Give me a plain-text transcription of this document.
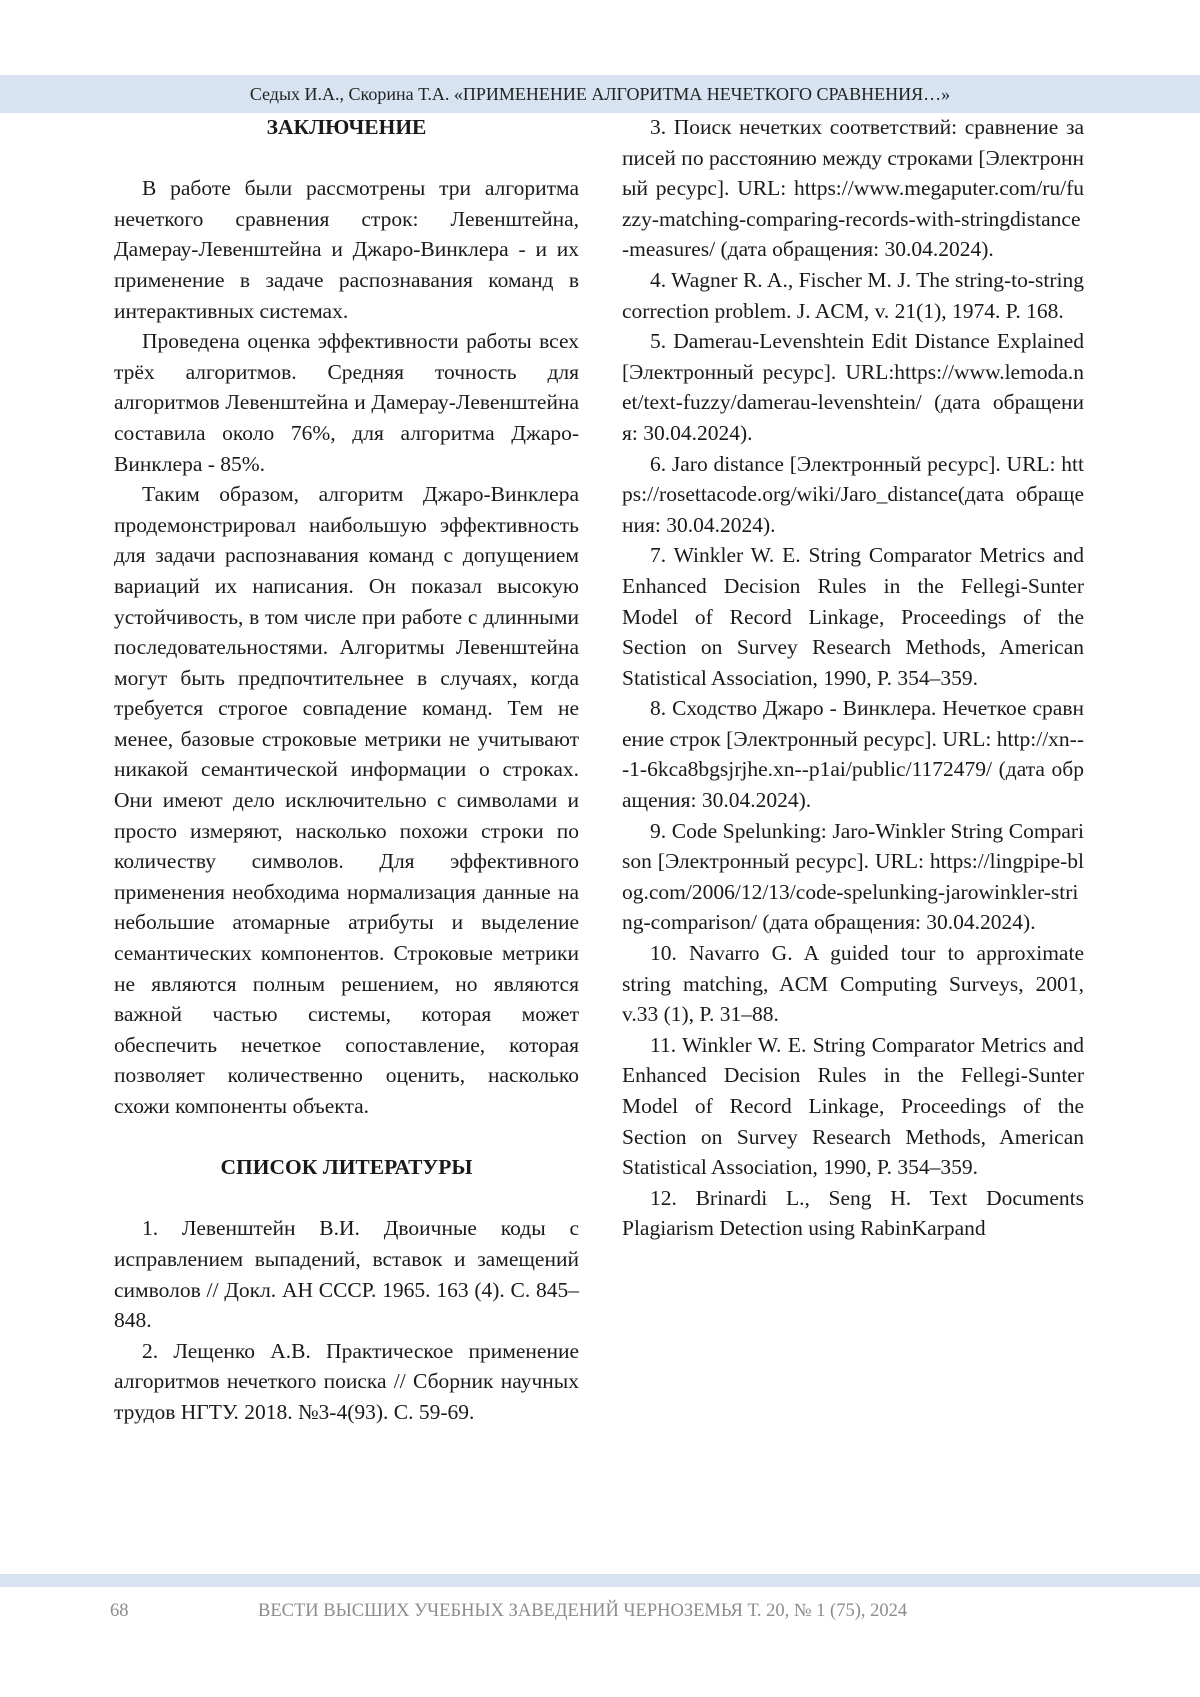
Седых И.А., Скорина Т.А. «ПРИМЕНЕНИЕ АЛГОРИТМА НЕЧЕТКОГО СРАВНЕНИЯ…»
ЗАКЛЮЧЕНИЕ

В работе были рассмотрены три алгоритма нечеткого сравнения строк: Левенштейна, Дамерау-Левенштейна и Джаро-Винклера - и их применение в задаче распознавания команд в интерактивных системах.

Проведена оценка эффективности работы всех трёх алгоритмов. Средняя точность для алгоритмов Левенштейна и Дамерау-Левенштейна составила около 76%, для алгоритма Джаро-Винклера - 85%.

Таким образом, алгоритм Джаро-Винклера продемонстрировал наибольшую эффективность для задачи распознавания команд с допущением вариаций их написания. Он показал высокую устойчивость, в том числе при работе с длинными последовательностями. Алгоритмы Левенштейна могут быть предпочтительнее в случаях, когда требуется строгое совпадение команд. Тем не менее, базовые строковые метрики не учитывают никакой семантической информации о строках. Они имеют дело исключительно с символами и просто измеряют, насколько похожи строки по количеству символов. Для эффективного применения необходима нормализация данные на небольшие атомарные атрибуты и выделение семантических компонентов. Строковые метрики не являются полным решением, но являются важной частью системы, которая может обеспечить нечеткое сопоставление, которая позволяет количественно оценить, насколько схожи компоненты объекта.

СПИСОК ЛИТЕРАТУРЫ

1. Левенштейн В.И. Двоичные коды с исправлением выпадений, вставок и замещений символов // Докл. АН СССР. 1965. 163 (4). С. 845–848.

2. Лещенко А.В. Практическое применение алгоритмов нечеткого поиска // Сборник научных трудов НГТУ. 2018. №3-4(93). С. 59-69.

3. Поиск нечетких соответствий: сравнение записей по расстоянию между строками [Электронный ресурс]. URL: https://www.megaputer.com/ru/fuzzy-matching-comparing-records-with-stringdistance-measures/ (дата обращения: 30.04.2024).

4. Wagner R. A., Fischer M. J. The string-to-string correction problem. J. ACM, v. 21(1), 1974. P. 168.

5. Damerau-Levenshtein Edit Distance Explained [Электронный ресурс]. URL:https://www.lemoda.net/text-fuzzy/damerau-levenshtein/ (дата обращения: 30.04.2024).

6. Jaro distance [Электронный ресурс]. URL: https://rosettacode.org/wiki/Jaro_distance(дата обращения: 30.04.2024).

7. Winkler W. E. String Comparator Metrics and Enhanced Decision Rules in the Fellegi-Sunter Model of Record Linkage, Proceedings of the Section on Survey Research Methods, American Statistical Association, 1990, P. 354–359.

8. Сходство Джаро - Винклера. Нечеткое сравнение строк [Электронный ресурс]. URL: http://xn---1-6kca8bgsjrjhe.xn--p1ai/public/1172479/ (дата обращения: 30.04.2024).

9. Code Spelunking: Jaro-Winkler String Comparison [Электронный ресурс]. URL: https://lingpipe-blog.com/2006/12/13/code-spelunking-jarowinkler-string-comparison/ (дата обращения: 30.04.2024).

10. Navarro G. A guided tour to approximate string matching, ACM Computing Surveys, 2001, v.33 (1), P. 31–88.

11. Winkler W. E. String Comparator Metrics and Enhanced Decision Rules in the Fellegi-Sunter Model of Record Linkage, Proceedings of the Section on Survey Research Methods, American Statistical Association, 1990, P. 354–359.

12. Brinardi L., Seng H. Text Documents Plagiarism Detection using RabinKarpand

68	ВЕСТИ ВЫСШИХ УЧЕБНЫХ ЗАВЕДЕНИЙ ЧЕРНОЗЕМЬЯ Т. 20, № 1 (75), 2024
